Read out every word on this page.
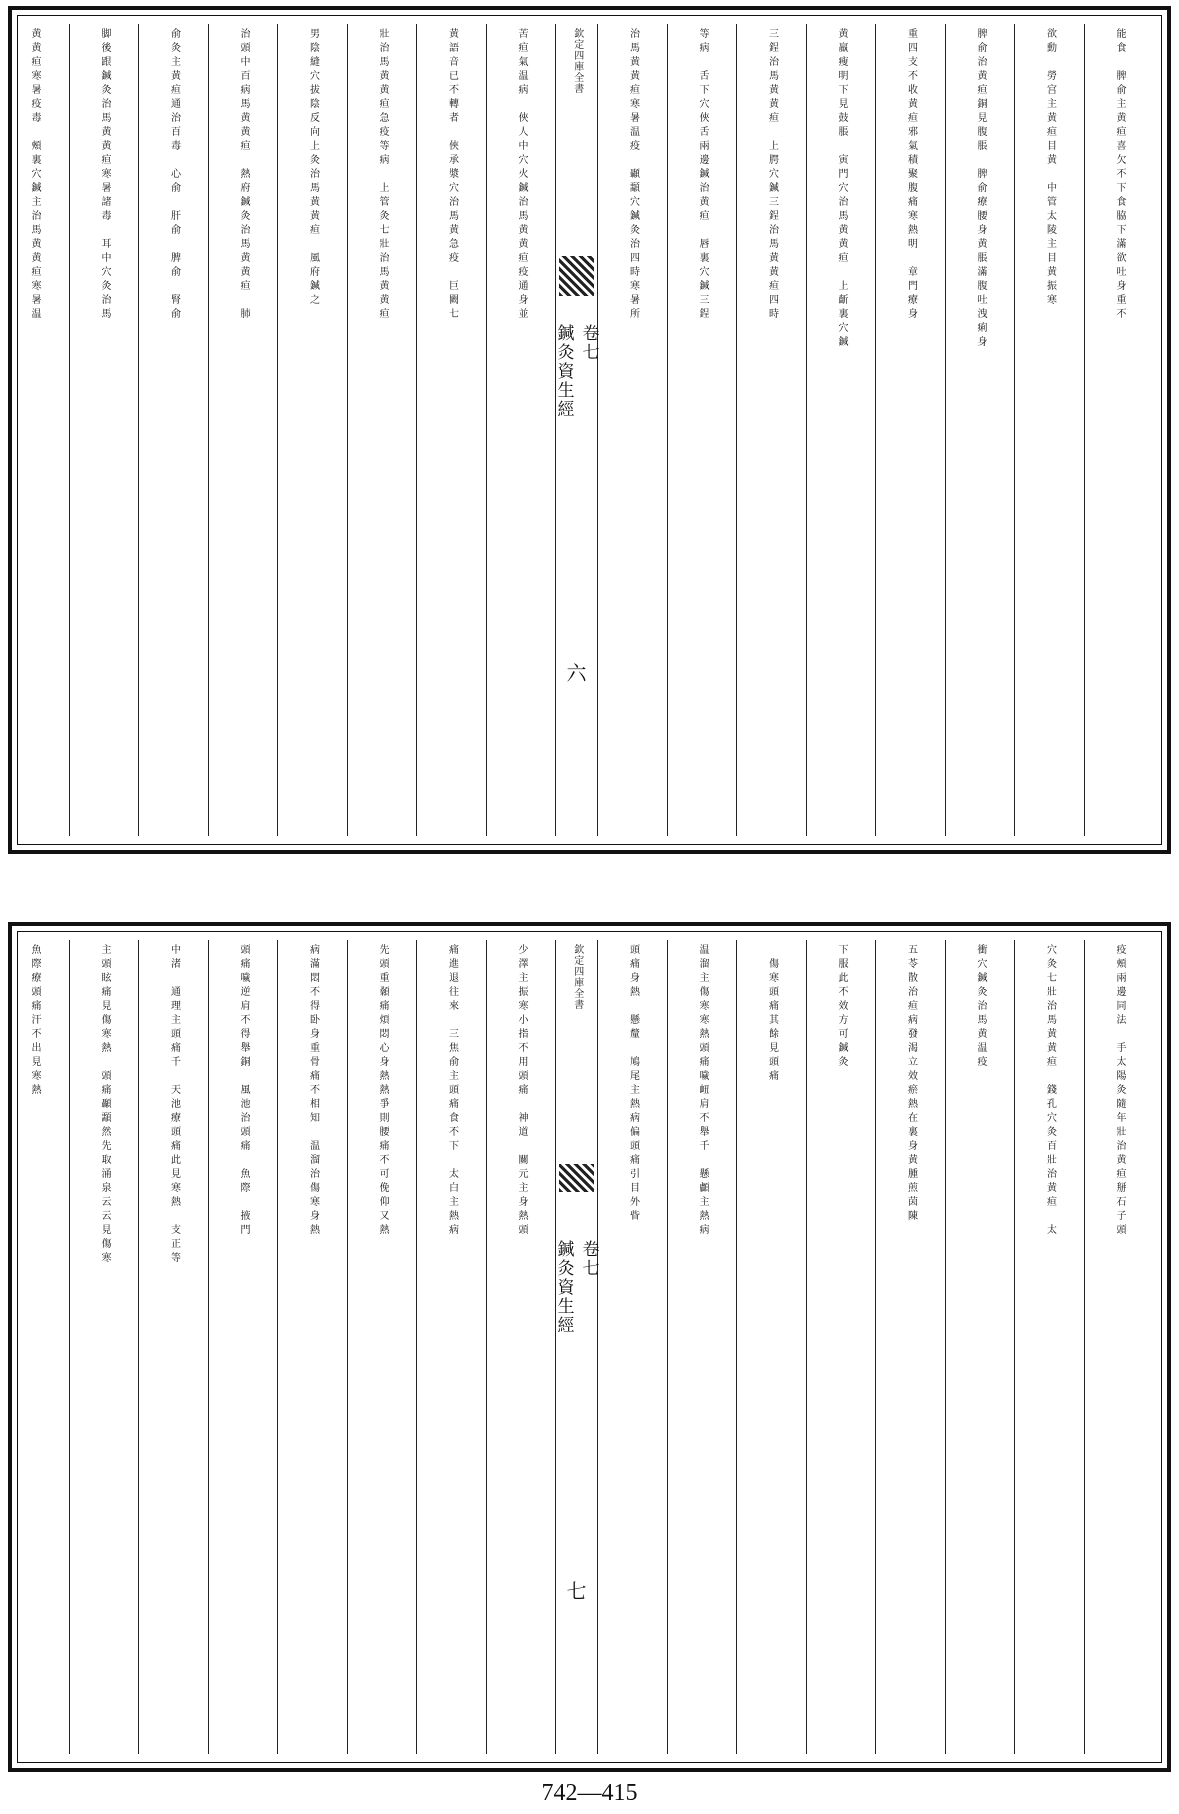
能食　脾俞主黄疸喜欠不下食脇下滿欲吐身重不
欲動　勞宫主黄疸目黄　中管太陵主目黄振寒
脾俞治黄疸銅見腹脹　脾俞療腰身黄脹滿腹吐洩痢身
重四支不收黄疸邪氣積聚腹痛寒熱明　章門療身
黄羸瘦明下見鼓脹　寅門穴治馬黄黄疸　上齗裏穴鍼
三鋥治馬黄黄疸　上腭穴鍼三鋥治馬黄黄疸四時
等病　舌下穴俠舌兩邊鍼治黄疸　唇裏穴鍼三鋥
治馬黄黄疸寒暑温疫　顳顬穴鍼灸治四時寒暑所
欽定四庫全書
鍼灸資生經 卷七
六
苦疸氣温病　俠人中穴火鍼治馬黄黄疸疫通身並
黄語音已不轉者　俠承漿穴治馬黄急疫　巨闕七
壯治馬黄黄疸急疫等病　上管灸七壯治馬黄黄疸
男陰縫穴拔陰反向上灸治馬黄黄疸　風府鍼之
治頭中百病馬黄黄疸　熱府鍼灸治馬黄黄疸　肺
俞灸主黄疸通治百毒　心俞　肝俞　脾俞　腎俞
脚後跟鍼灸治馬黄黄疸寒暑諸毒　耳中穴灸治馬
黄黄疸寒暑疫毒　頰裏穴鍼主治馬黄黄疸寒暑温
疫頰兩邊同法　手太陽灸隨年壯治黄疸掰石子頭
穴灸七壯治馬黄黄疸　錢孔穴灸百壯治黄疸　太
衝穴鍼灸治馬黄温疫
五苓散治疸病發渴立效瘀熱在裏身黄腫煎茵陳
下服此不效方可鍼灸
　傷寒頭痛其餘見頭痛
温溜主傷寒寒熱頭痛噦衄肩不舉千　懸顱主熱病
頭痛身熱　懸釐　鳩尾主熱病偏頭痛引目外眥
欽定四庫全書
鍼灸資生經 卷七
七
少澤主振寒小指不用頭痛　神道　關元主身熱頭
痛進退往來　三焦俞主頭痛食不下　太白主熱病
先頭重顙痛煩悶心身熱熱爭則腰痛不可俛仰又熱
病滿悶不得卧身重骨痛不相知　温溜治傷寒身熱
頭痛噦逆肩不得舉銅　風池治頭痛　魚際　掖門
中渚　通理主頭痛千　天池療頭痛此見寒熱　支正等
主頭眩痛見傷寒熱　頭痛顳顬然先取涌泉云云見傷寒
魚際療頭痛汗不出見寒熱
742—415
